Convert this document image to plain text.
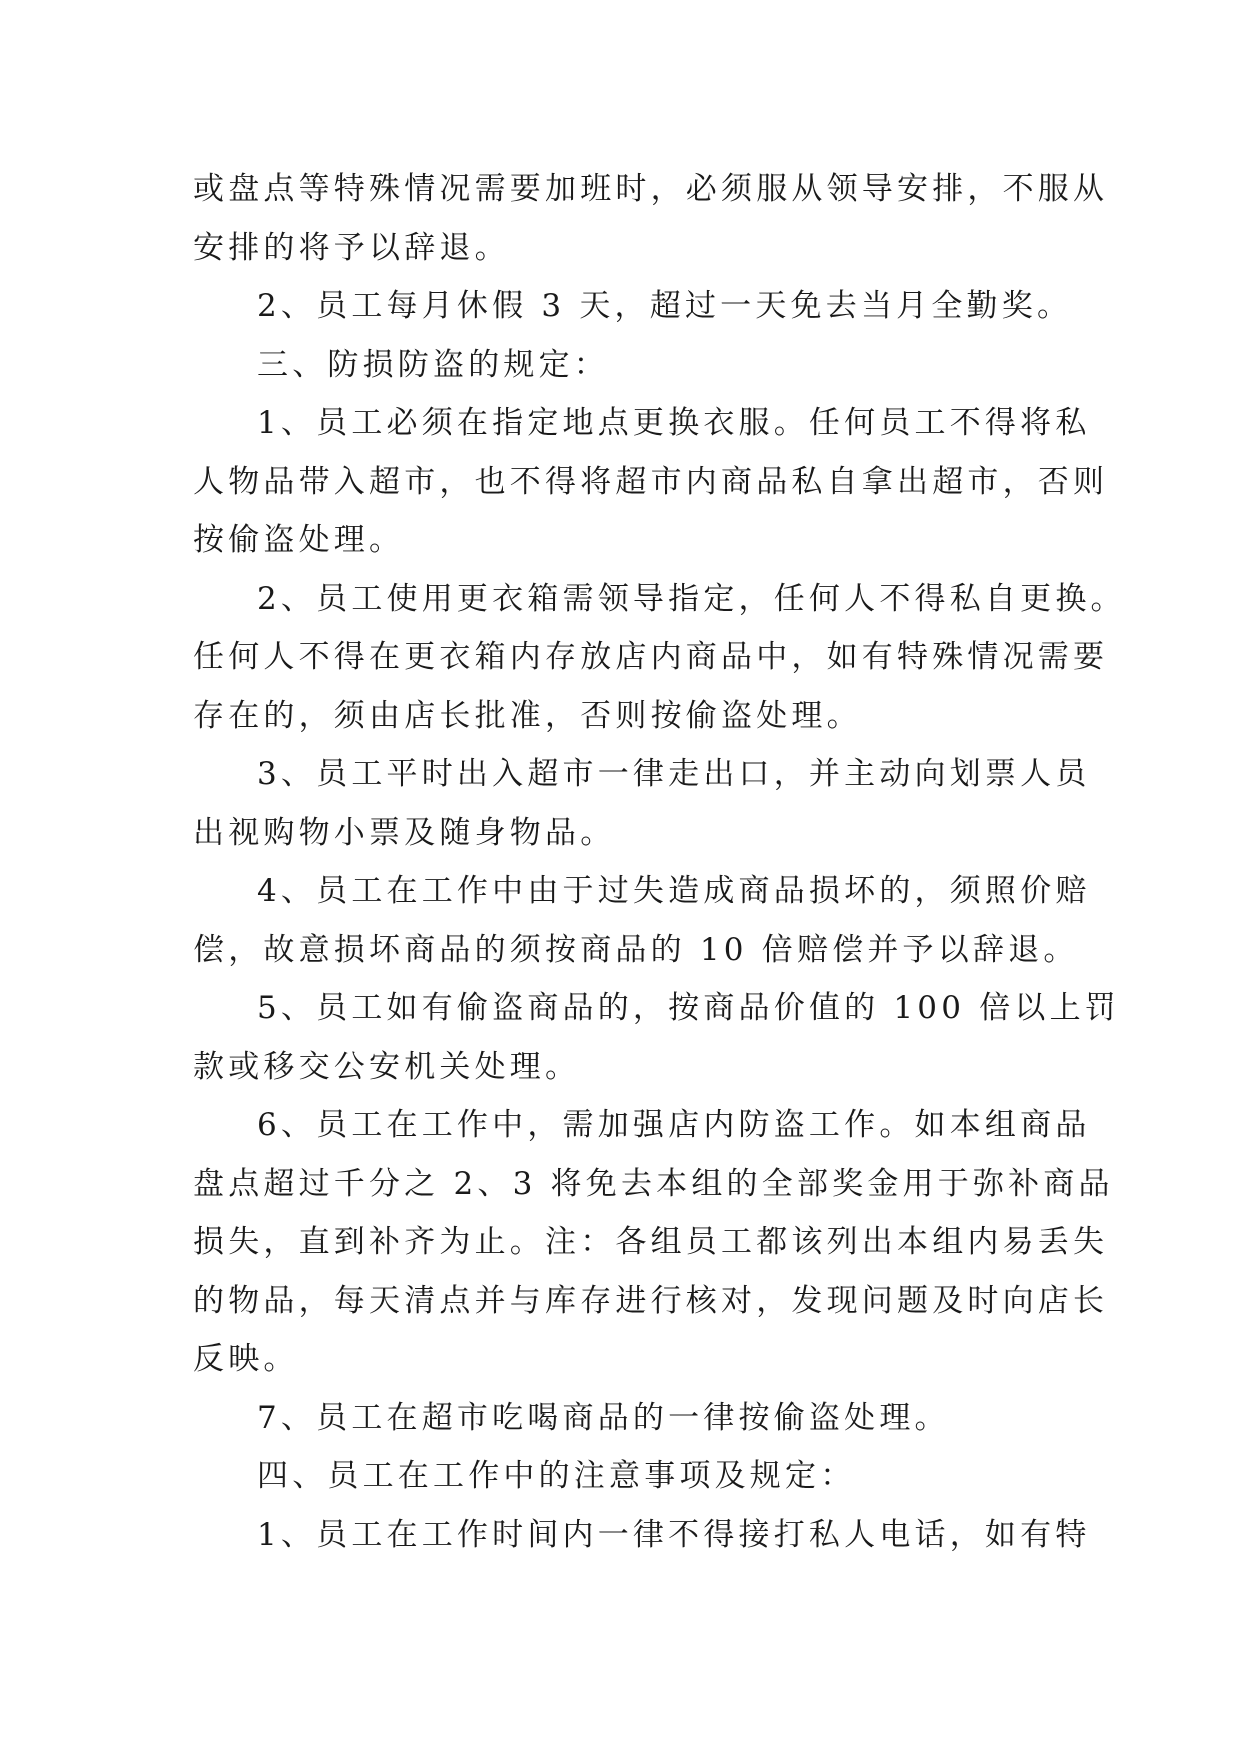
或盘点等特殊情况需要加班时，必须服从领导安排，不服从
安排的将予以辞退。
2、员工每月休假 3 天，超过一天免去当月全勤奖。
三、防损防盗的规定：
1、员工必须在指定地点更换衣服。任何员工不得将私
人物品带入超市，也不得将超市内商品私自拿出超市，否则
按偷盗处理。
2、员工使用更衣箱需领导指定，任何人不得私自更换。
任何人不得在更衣箱内存放店内商品中，如有特殊情况需要
存在的，须由店长批准，否则按偷盗处理。
3、员工平时出入超市一律走出口，并主动向划票人员
出视购物小票及随身物品。
4、员工在工作中由于过失造成商品损坏的，须照价赔
偿，故意损坏商品的须按商品的 10 倍赔偿并予以辞退。
5、员工如有偷盗商品的，按商品价值的 100 倍以上罚
款或移交公安机关处理。
6、员工在工作中，需加强店内防盗工作。如本组商品
盘点超过千分之 2、3 将免去本组的全部奖金用于弥补商品
损失，直到补齐为止。注：各组员工都该列出本组内易丢失
的物品，每天清点并与库存进行核对，发现问题及时向店长
反映。
7、员工在超市吃喝商品的一律按偷盗处理。
四、员工在工作中的注意事项及规定：
1、员工在工作时间内一律不得接打私人电话，如有特
